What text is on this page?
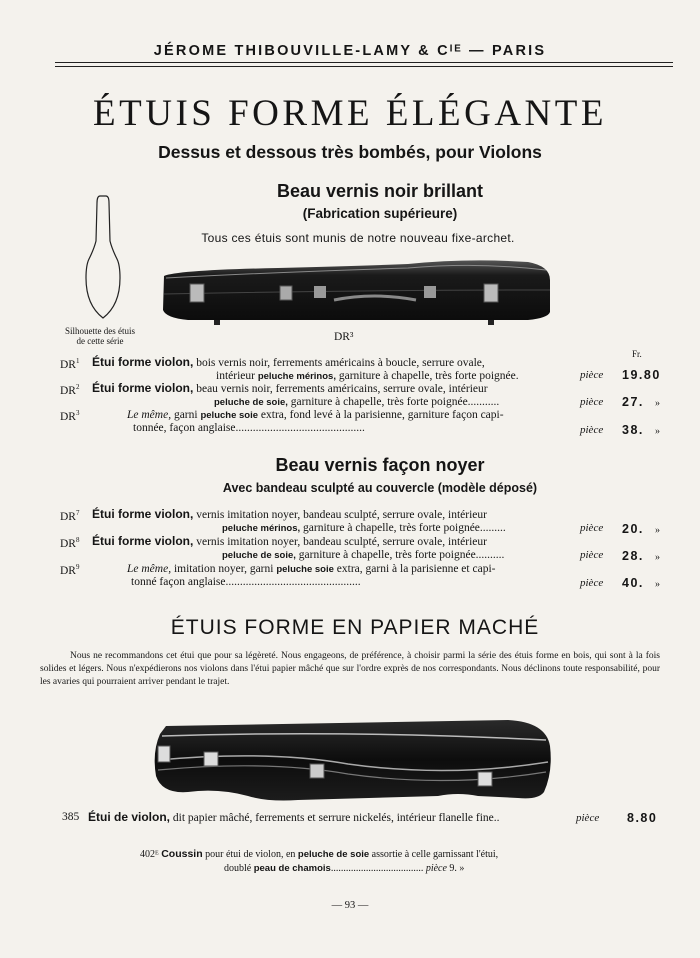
JÉROME THIBOUVILLE-LAMY & Cᴵᴱ — PARIS
ÉTUIS FORME ÉLÉGANTE
Dessus et dessous très bombés, pour Violons
Beau vernis noir brillant
(Fabrication supérieure)
Tous ces étuis sont munis de notre nouveau fixe-archet.
Silhouette des étuis
de cette série	DR³
Fr.
$DR^1$ Étui forme violon, bois vernis noir, ferrements américains à boucle, serrure ovale,
intérieur peluche mérinos, garniture à chapelle, très forte poignée.	pièce 19.80
$DR^2$ Étui forme violon, beau vernis noir, ferrements américains, serrure ovale, intérieur
peluche de soie, garniture à chapelle, très forte poignée...........	pièce 27. »
$DR^3$	Le même, garni peluche soie extra, fond levé à la parisienne, garniture façon capi-
tonnée, façon anglaise.............................................	pièce 38. »
Beau vernis façon noyer
Avec bandeau sculpté au couvercle (modèle déposé)
$DR^7$ Étui forme violon, vernis imitation noyer, bandeau sculpté, serrure ovale, intérieur
peluche mérinos, garniture à chapelle, très forte poignée.........	pièce 20. »
$DR^8$ Étui forme violon, vernis imitation noyer, bandeau sculpté, serrure ovale, intérieur
peluche de soie, garniture à chapelle, très forte poignée..........	pièce 28. »
$DR^9$	Le même, imitation noyer, garni peluche soie extra, garni à la parisienne et capi-
tonné façon anglaise...............................................	pièce 40. »
ÉTUIS FORME EN PAPIER MACHÉ
Nous ne recommandons cet étui que pour sa légèreté. Nous engageons, de préférence, à choisir parmi la série des étuis forme en bois, qui sont à la fois solides et légers. Nous n'expédierons nos violons dans l'étui papier mâché que sur l'ordre exprès de nos correspondants. Nous déclinons toute responsabilité, pour les avaries qui pourraient arriver pendant le trajet.
385 Étui de violon, dit papier mâché, ferrements et serrure nickelés, intérieur flanelle fine..	pièce 8.80
402ᴱ Coussin pour étui de violon, en peluche de soie assortie à celle garnissant l'étui,
doublé peau de chamois..................................... pièce 9. »
— 93 —
